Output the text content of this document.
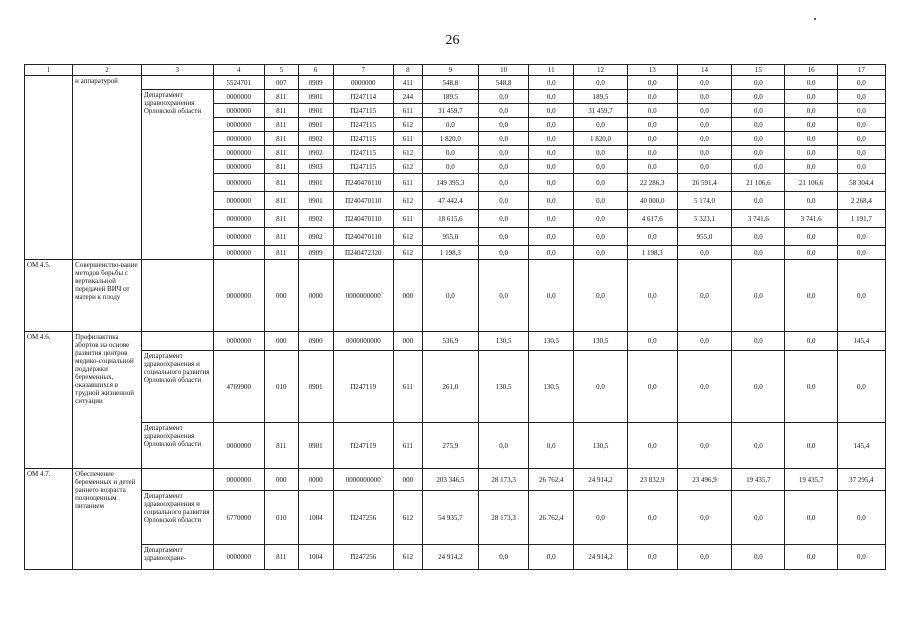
26
1	2	3	4	5	6	7	8	9	10	11	12	13	14	15	16	17
	и аппаратурой		5524701	007	0909	0000000	411	548,8	548,8	0,0	0,0	0,0	0,0	0,0	0,0	0,0
		Департамент здравоохранения Орловской области	0000000	811	0901	П247114	244	189,5	0,0	0,0	189,5	0,0	0,0	0,0	0,0	0,0
			0000000	811	0901	П247115	611	31 459,7	0,0	0,0	31 459,7	0,0	0,0	0,0	0,0	0,0
			0000000	811	0901	П247115	612	0,0	0,0	0,0	0,0	0,0	0,0	0,0	0,0	0,0
			0000000	811	0902	П247115	611	1 820,0	0,0	0,0	1 820,0	0,0	0,0	0,0	0,0	0,0
			0000000	811	0902	П247115	612	0,0	0,0	0,0	0,0	0,0	0,0	0,0	0,0	0,0
			0000000	811	0903	П247115	612	0,0	0,0	0,0	0,0	0,0	0,0	0,0	0,0	0,0
			0000000	811	0901	П240470110	611	149 395,3	0,0	0,0	0,0	22 286,3	26 591,4	21 106,6	21 106,6	58 304,4
			0000000	811	0901	П240470110	612	47 442,4	0,0	0,0	0,0	40 000,0	5 174,0	0,0	0,0	2 268,4
			0000000	811	0902	П240470110	611	18 615,6	0,0	0,0	0,0	4 617,6	5 323,1	3 741,6	3 741,6	1 191,7
			0000000	811	0902	П240470110	612	955,0	0,0	0,0	0,0	0,0	955,0	0,0	0,0	0,0
			0000000	811	0909	П240472320	612	1 198,3	0,0	0,0	0,0	1 198,3	0,0	0,0	0,0	0,0
ОМ 4.5.	Совершенство-вание методов борьбы с вертикальной передачей ВИЧ от матери к плоду		0000000	000	0000	0000000000	000	0,0	0,0	0,0	0,0	0,0	0,0	0,0	0,0	0,0
ОМ 4.6.	Профилактика абортов на основе развития центров медико-социальной поддержки беременных, оказавшихся в трудной жизненной ситуации		0000000	000	0900	0000000000	000	536,9	130,5	130,5	130,5	0,0	0,0	0,0	0,0	145,4
		Департамент здравоохранения и социального развития Орловской области	4769900	010	0901	П247119	611	261,0	130,5	130,5	0,0	0,0	0,0	0,0	0,0	0,0
		Департамент здравоохранения Орловской области	0000000	811	0901	П247119	611	275,9	0,0	0,0	130,5	0,0	0,0	0,0	0,0	145,4
ОМ 4.7.	Обеспечение беременных и детей раннего возраста полноценным питанием		0000000	000	0000	0000000000	000	203 346,5	28 173,3	26 762,4	24 914,2	23 832,9	23 496,9	19 435,7	19 435,7	37 295,4
		Департамент здравоохранения и социального развития Орловской области	6770000	010	1004	П247256	612	54 935,7	28 173,3	26 762,4	0,0	0,0	0,0	0,0	0,0	0,0
		Департамент здравоохране-	0000000	811	1004	П247256	612	24 914,2	0,0	0,0	24 914,2	0,0	0,0	0,0	0,0	0,0
